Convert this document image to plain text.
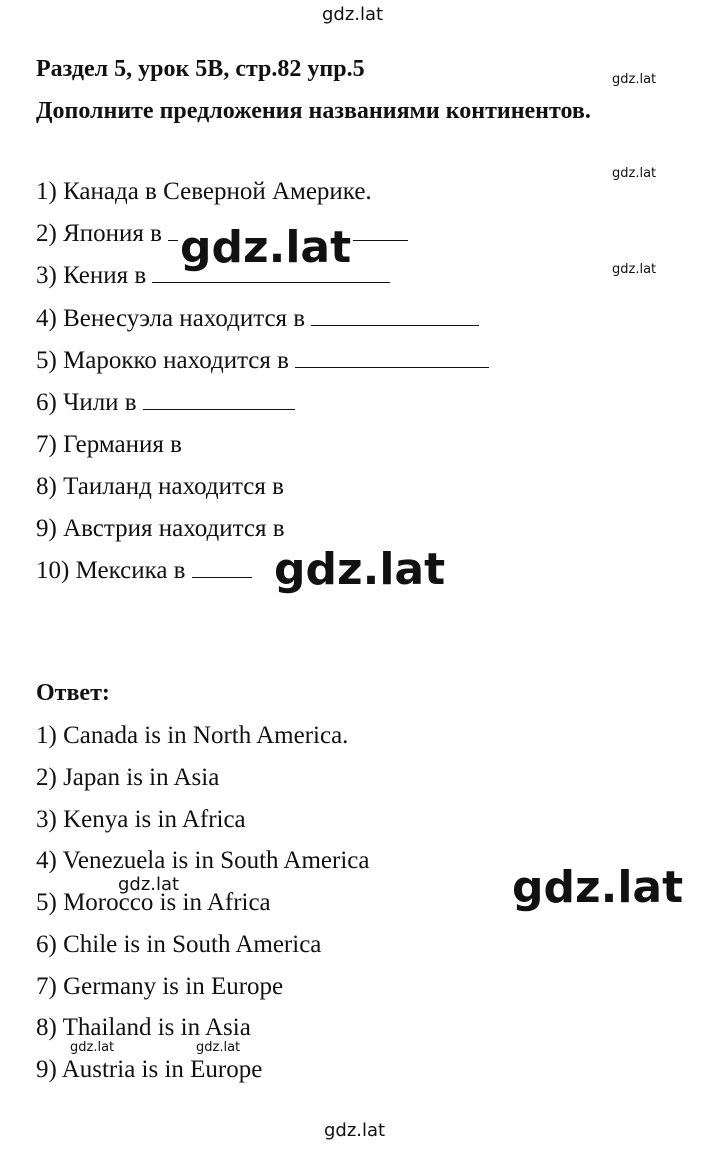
gdz.lat
Раздел 5, урок 5B, стр.82 упр.5
Дополните предложения названиями континентов.
gdz.lat
gdz.lat
gdz.lat
1) Канада в Северной Америке.
2) Япония в
3) Кения в
4) Венесуэла находится в
5) Марокко находится в
6) Чили в
7) Германия в
8) Таиланд находится в
9) Австрия находится в
10) Мексика в
gdz.lat
gdz.lat
Ответ:
1) Canada is in North America.
2) Japan is in Asia
3) Kenya is in Africa
4) Venezuela is in South America
5) Morocco is in Africa
6) Chile is in South America
7) Germany is in Europe
8) Thailand is in Asia
9) Austria is in Europe
gdz.lat	gdz.lat
gdz.lat	gdz.lat
gdz.lat
